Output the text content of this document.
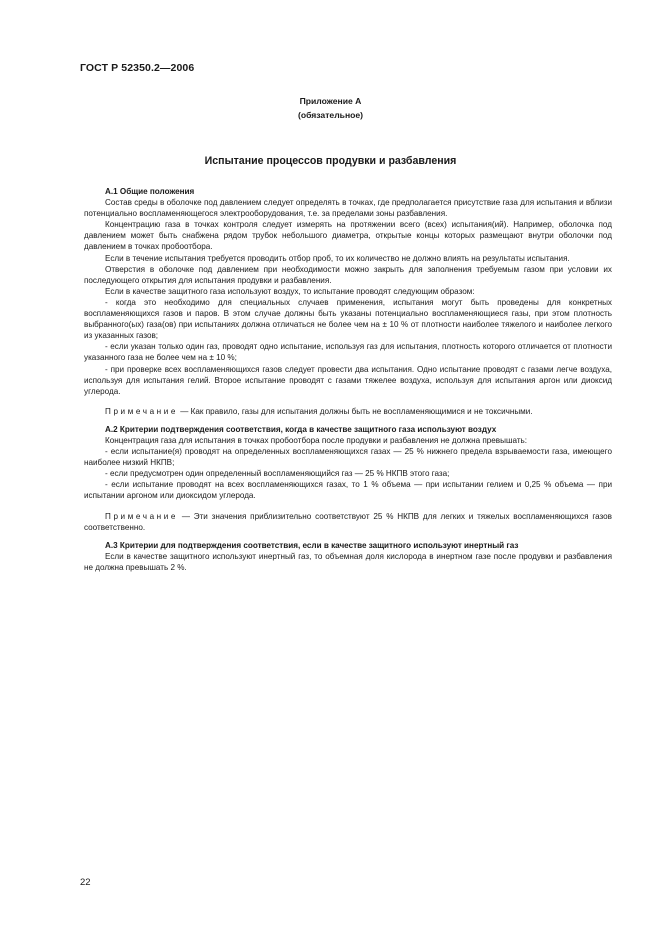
ГОСТ Р 52350.2—2006
Приложение А
(обязательное)
Испытание процессов продувки и разбавления

А.1 Общие положения

Состав среды в оболочке под давлением следует определять в точках, где предполагается присутствие газа для испытания и вблизи потенциально воспламеняющегося электрооборудования, т.е. за пределами зоны разбавления.

Концентрацию газа в точках контроля следует измерять на протяжении всего (всех) испытания(ий). Например, оболочка под давлением может быть снабжена рядом трубок небольшого диаметра, открытые концы которых размещают внутри оболочки под давлением в точках пробоотбора.

Если в течение испытания требуется проводить отбор проб, то их количество не должно влиять на результаты испытания.

Отверстия в оболочке под давлением при необходимости можно закрыть для заполнения требуемым газом при условии их последующего открытия для испытания продувки и разбавления.

Если в качестве защитного газа используют воздух, то испытание проводят следующим образом:

- когда это необходимо для специальных случаев применения, испытания могут быть проведены для конкретных воспламеняющихся газов и паров. В этом случае должны быть указаны потенциально воспламеняющиеся газы, при этом плотность выбранного(ых) газа(ов) при испытаниях должна отличаться не более чем на ± 10 % от плотности наиболее тяжелого и наиболее легкого из указанных газов;

- если указан только один газ, проводят одно испытание, используя газ для испытания, плотность которого отличается от плотности указанного газа не более чем на ± 10 %;

- при проверке всех воспламеняющихся газов следует провести два испытания. Одно испытание проводят с газами легче воздуха, используя для испытания гелий. Второе испытание проводят с газами тяжелее воздуха, используя для испытания аргон или диоксид углерода.

Примечание — Как правило, газы для испытания должны быть не воспламеняющимися и не токсичными.

А.2 Критерии подтверждения соответствия, когда в качестве защитного газа используют воздух

Концентрация газа для испытания в точках пробоотбора после продувки и разбавления не должна превышать:

- если испытание(я) проводят на определенных воспламеняющихся газах — 25 % нижнего предела взрываемости газа, имеющего наиболее низкий НКПВ;

- если предусмотрен один определенный воспламеняющийся газ — 25 % НКПВ этого газа;

- если испытание проводят на всех воспламеняющихся газах, то 1 % объема — при испытании гелием и 0,25 % объема — при испытании аргоном или диоксидом углерода.

Примечание — Эти значения приблизительно соответствуют 25 % НКПВ для легких и тяжелых воспламеняющихся газов соответственно.

А.3 Критерии для подтверждения соответствия, если в качестве защитного используют инертный газ

Если в качестве защитного используют инертный газ, то объемная доля кислорода в инертном газе после продувки и разбавления не должна превышать 2 %.

22
